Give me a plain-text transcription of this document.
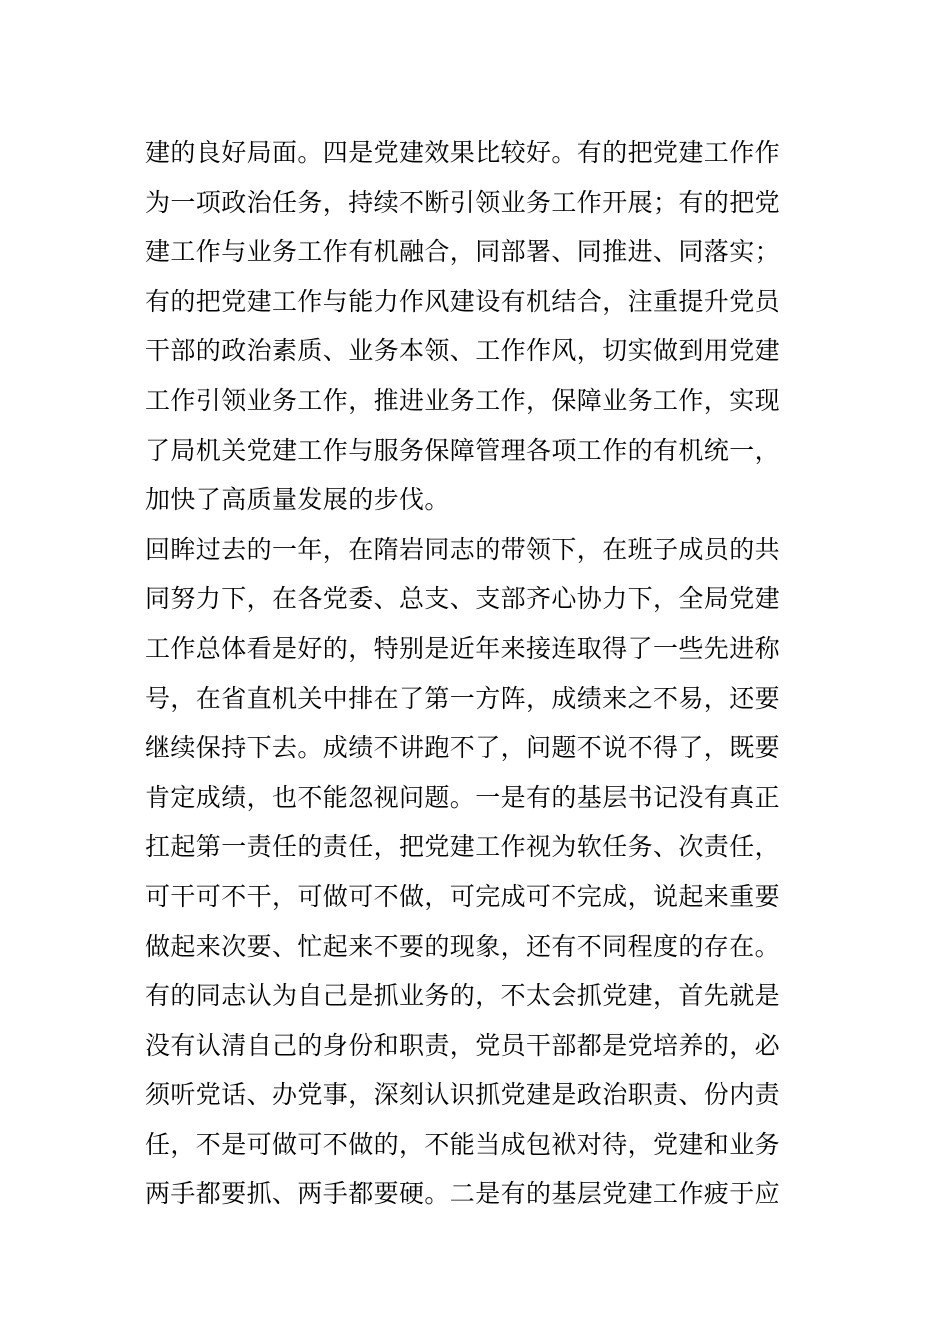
建的良好局面。四是党建效果比较好。有的把党建工作作
为一项政治任务，持续不断引领业务工作开展；有的把党
建工作与业务工作有机融合，同部署、同推进、同落实；
有的把党建工作与能力作风建设有机结合，注重提升党员
干部的政治素质、业务本领、工作作风，切实做到用党建
工作引领业务工作，推进业务工作，保障业务工作，实现
了局机关党建工作与服务保障管理各项工作的有机统一，
加快了高质量发展的步伐。
回眸过去的一年，在隋岩同志的带领下，在班子成员的共
同努力下，在各党委、总支、支部齐心协力下，全局党建
工作总体看是好的，特别是近年来接连取得了一些先进称
号，在省直机关中排在了第一方阵，成绩来之不易，还要
继续保持下去。成绩不讲跑不了，问题不说不得了，既要
肯定成绩，也不能忽视问题。一是有的基层书记没有真正
扛起第一责任的责任，把党建工作视为软任务、次责任，
可干可不干，可做可不做，可完成可不完成，说起来重要
做起来次要、忙起来不要的现象，还有不同程度的存在。
有的同志认为自己是抓业务的，不太会抓党建，首先就是
没有认清自己的身份和职责，党员干部都是党培养的，必
须听党话、办党事，深刻认识抓党建是政治职责、份内责
任，不是可做可不做的，不能当成包袱对待，党建和业务
两手都要抓、两手都要硬。二是有的基层党建工作疲于应
